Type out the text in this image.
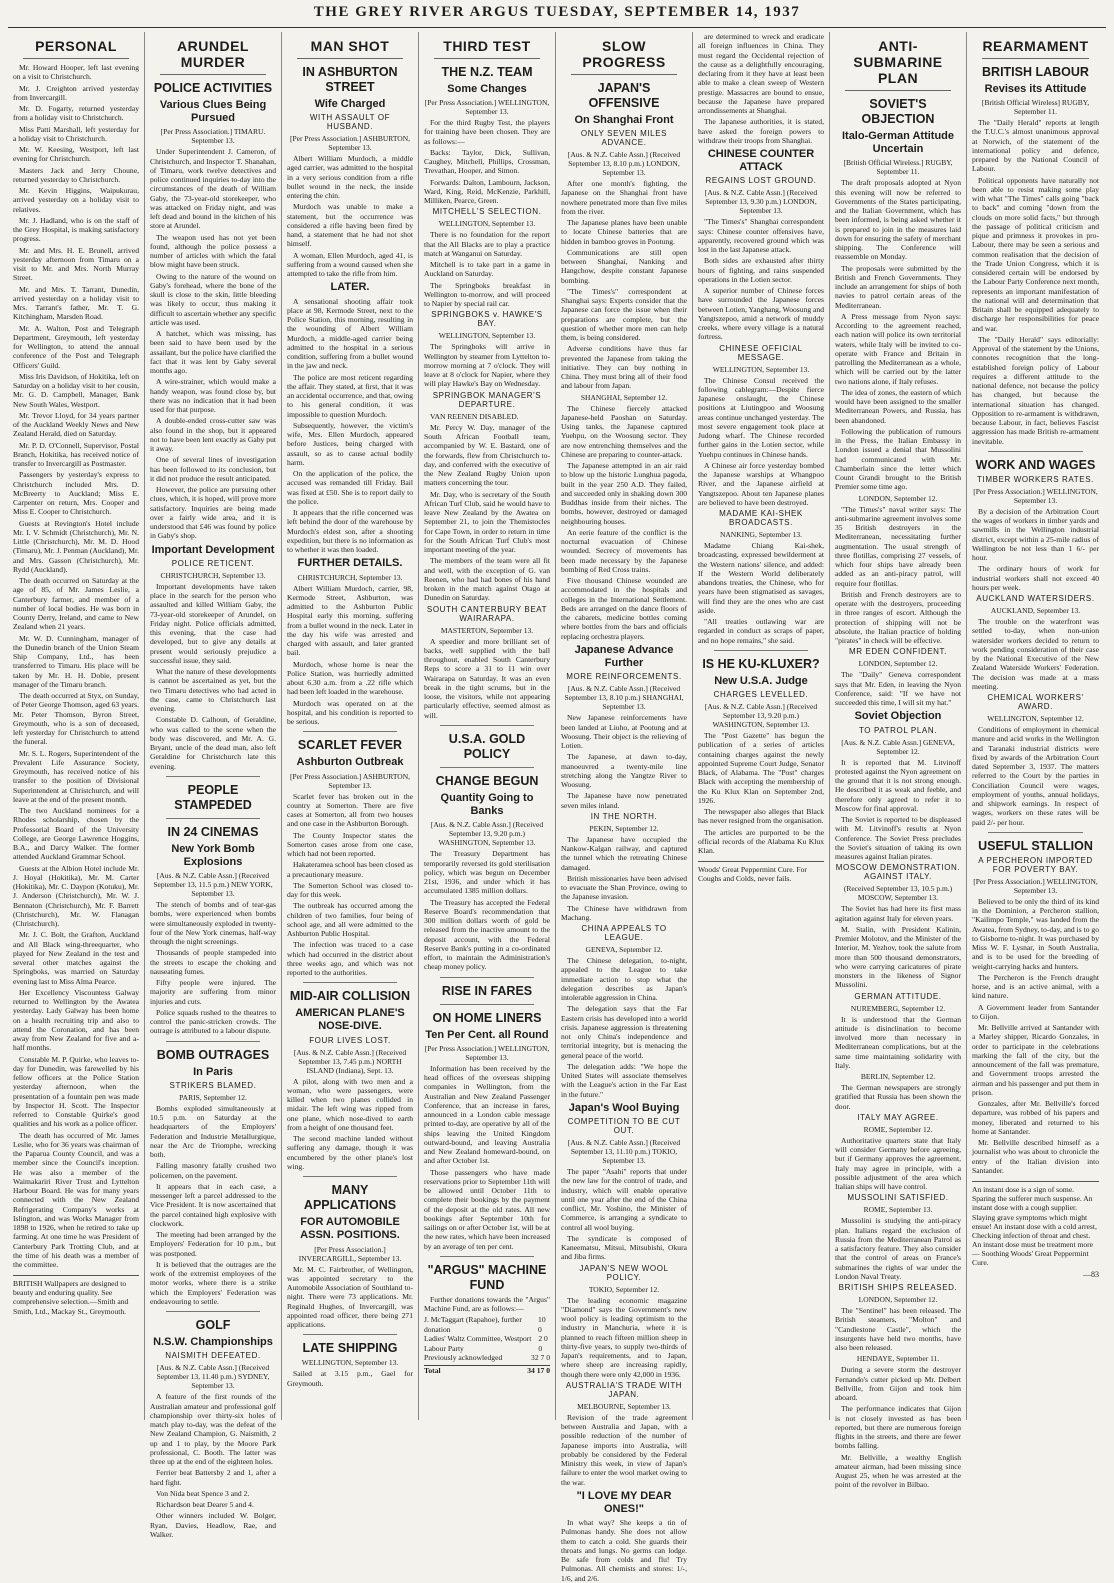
THE GREY RIVER ARGUS TUESDAY, SEPTEMBER 14, 1937
PERSONAL

Mr. Howard Hooper, left last evening on a visit to Christchurch.

Mr. J. Creighton arrived yesterday from Invercargill.

Mr. D. Fogarty, returned yesterday from a holiday visit to Christchurch.

Miss Patti Marshall, left yesterday for a holiday visit to Christchurch.

Mr. W. Keesing, Westport, left last evening for Christchurch.

Masters Jack and Jerry Choune, returned yesterday to Christchurch.

Mr. Kevin Higgins, Waipukurau, arrived yesterday on a holiday visit to relatives.

Mr. J. Hadland, who is on the staff of the Grey Hospital, is making satisfactory progress.

Mr. and Mrs. H. E. Brunell, arrived yesterday afternoon from Timaru on a visit to Mr. and Mrs. North Murray Street.

Mr. and Mrs. T. Tarrant, Dunedin, arrived yesterday on a holiday visit to Mrs. Tarrant's father, Mr. T. G. Kitchingham, Marsden Road.

Mr. A. Walton, Post and Telegraph Department, Greymouth, left yesterday for Wellington, to attend the annual conference of the Post and Telegraph Officers' Guild.

Miss Iris Davidson, of Hokitika, left on Saturday on a holiday visit to her cousin, Mr. G. D. Campbell, Manager, Bank New South Wales, Westport.

Mr. Trevor Lloyd, for 34 years partner of the Auckland Weekly News and New Zealand Herald, died on Saturday.

Mr. P. D. O'Connell, Supervisor, Postal Branch, Hokitika, has received notice of transfer to Invercargill as Postmaster.

Passengers by yesterday's express to Christchurch included Mrs. D. McBreerty to Auckland; Miss E. Carpenter on return, Mrs. Cooper and Miss E. Cooper to Christchurch.

Guests at Revington's Hotel include Mr. I. V. Schmidt (Christchurch), Mr. N. Little (Christchurch), Mr. M. D. Hood (Timaru), Mr. J. Penman (Auckland), Mr. and Mrs. Gasson (Christchurch), Mr. Rydd (Auckland).

The death occurred on Saturday at the age of 85, of Mr. James Leslie, a Canterbury farmer, and member of a number of local bodies. He was born in County Derry, Ireland, and came to New Zealand when 21 years.

Mr. W. D. Cunningham, manager of the Dunedin branch of the Union Steam Ship Company, Ltd., has been transferred to Timaru. His place will be taken by Mr. H. H. Dobie, present manager of the Timaru branch.

The death occurred at Styx, on Sunday, of Peter George Thomson, aged 63 years. Mr. Peter Thomson, Byron Street, Greymouth, who is a son of deceased, left yesterday for Christchurch to attend the funeral.

Mr. S. L. Rogers, Superintendent of the Prevalent Life Assurance Society, Greymouth, has received notice of his transfer to the position of Divisional Superintendent at Christchurch, and will leave at the end of the present month.

The two Auckland nominees for a Rhodes scholarship, chosen by the Professorial Board of the University College, are George Lawrence Hoggins, B.A., and Darcy Walker. The former attended Auckland Grammar School.

Guests at the Albion Hotel include Mr. J. Hoyal (Hokitika), Mr. M. Carter (Hokitika), Mr. C. Daypon (Kotuku), Mr. J. Anderson (Christchurch), Mr. W. J. Bennaton (Christchurch), Mr. F. Barrett (Christchurch), Mr. W. Flanagan (Christchurch).

Mr. J. C. Bolt, the Grafton, Auckland and All Black wing-threequarter, who played for New Zealand in the test and several other matches against the Springboks, was married on Saturday evening last to Miss Alma Pearce.

Her Excellency Viscountess Galway returned to Wellington by the Awatea yesterday. Lady Galway has been home on a health recruiting trip and also to attend the Coronation, and has been away from New Zealand for five and a-half months.

Constable M. P. Quirke, who leaves to-day for Dunedin, was farewelled by his fellow officers at the Police Station yesterday afternoon, when the presentation of a fountain pen was made by Inspector H. Scott. The Inspector referred to Constable Quirke's good qualities and his work as a police officer.

The death has occurred of Mr. James Leslie, who for 36 years was chairman of the Paparua County Council, and was a member since the Council's inception. He was also a member of the Waimakariri River Trust and Lyttelton Harbour Board. He was for many years connected with the New Zealand Refrigerating Company's works at Islington, and was Works Manager from 1898 to 1926, when he retired to take up farming. At one time he was President of Canterbury Park Trotting Club, and at the time of his death was a member of the committee.

BRITISH Wallpapers are designed to beauty and enduring quality. See comprehensive selection.—Smith and Smith, Ltd., Mackay St., Greymouth.
ARUNDEL MURDER
POLICE ACTIVITIES
Various Clues Being Pursued
[Per Press Association.] TIMARU. September 13.

Under Superintendent J. Cameron, of Christchurch, and Inspector T. Shanahan, of Timaru, work twelve detectives and police continued inquiries to-day into the circumstances of the death of William Gaby, the 73-year-old storekeeper, who was attacked on Friday night, and was left dead and bound in the kitchen of his store at Arundel.

The weapon used has not yet been found, although the police possess a number of articles with which the fatal blow might have been struck.

Owing to the nature of the wound on Gaby's forehead, where the bone of the skull is close to the skin, little bleeding was likely to occur, thus making it difficult to ascertain whether any specific article was used.

A hatchet, which was missing, has been said to have been used by the assailant, but the police have clarified the fact that it was lent by Gaby several months ago.

A wire-strainer, which would make a handy weapon, was found close by, but there was no indication that it had been used for that purpose.

A double-ended cross-cutter saw was also found in the shop, but it appeared not to have been lent exactly as Gaby put it away.

One of several lines of investigation has been followed to its conclusion, but it did not produce the result anticipated.

However, the police are pursuing other clues, which, it is hoped, will prove more satisfactory. Inquiries are being made over a fairly wide area, and it is understood that £46 was found by police in Gaby's shop.

Important Development
POLICE RETICENT.
CHRISTCHURCH, September 13.

Important developments have taken place in the search for the person who assaulted and killed William Gaby, the 73-year-old storekeeper of Arundel, on Friday night. Police officials admitted, this evening, that the case had developed, but to give any details at present would seriously prejudice a successful issue, they said.

What the nature of these developments is cannot be ascertained as yet, but the two Timaru detectives who had acted in the case, came to Christchurch last evening.

Constable D. Calhoun, of Geraldine, who was called to the scene when the body was discovered, and Mr. A. G. Bryant, uncle of the dead man, also left Geraldine for Christchurch late this evening.

PEOPLE STAMPEDED
IN 24 CINEMAS
New York Bomb Explosions
[Aus. & N.Z. Cable Assn.] (Received September 13, 11.5 p.m.) NEW YORK, September 13.

The stench of bombs and of tear-gas bombs, were experienced when bombs were simultaneously exploded in twenty-four of the New York cinemas, half-way through the night screenings.

Thousands of people stampeded into the streets to escape the choking and nauseating fumes.

Fifty people were injured. The majority are suffering from minor injuries and cuts.

Police squads rushed to the theatres to control the panic-stricken crowds. The outrage is attributed to a labour dispute.

BOMB OUTRAGES
In Paris
STRIKERS BLAMED.
PARIS, September 12.

Bombs exploded simultaneously at 10.5 p.m. on Saturday at the headquarters of the Employers' Federation and Industrie Metallurgique, near the Arc de Triomphe, wrecking both.

Falling masonry fatally crushed two policemen, on the pavement.

It appears that in each case, a messenger left a parcel addressed to the Vice President. It is now ascertained that the parcel contained high explosive with clockwork.

The meeting had been arranged by the Employers' Federation for 10 p.m., but was postponed.

It is believed that the outrages are the work of the extremist employees of the motor works, where there is a strike which the Employers' Federation was endeavouring to settle.

GOLF
N.S.W. Championships
NAISMITH DEFEATED.
[Aus. & N.Z. Cable Assn.] (Received September 13, 11.40 p.m.) SYDNEY, September 13.

A feature of the first rounds of the Australian amateur and professional golf championship over thirty-six holes of match play to-day, was the defeat of the New Zealand Champion, G. Naismith, 2 up and 1 to play, by the Moore Park professional, C. Booth. The latter was three up at the end of the eighteen holes.

Ferrier beat Battersby 2 and 1, after a hard fight.

Von Nida beat Spence 3 and 2.

Richardson beat Dearer 5 and 4.

Other winners included W. Bolger, Ryan, Davies, Headlow, Rae, and Walker.

MAN SHOT
IN ASHBURTON STREET
Wife Charged
WITH ASSAULT OF HUSBAND.
[Per Press Association.] ASHBURTON, September 13.

Albert William Murdoch, a middle aged carrier, was admitted to the hospital in a very serious condition from a rifle bullet wound in the neck, the inside entering the chin.

Murdoch was unable to make a statement, but the occurrence was considered a rifle having been fired by hand, a statement that he had not shot himself.

A woman, Ellen Murdoch, aged 41, is suffering from a wound caused when she attempted to take the rifle from him.

LATER.

A sensational shooting affair took place at 98, Kermode Street, next to the Police Station, this morning, resulting in the wounding of Albert William Murdoch, a middle-aged carrier being admitted to the hospital in a serious condition, suffering from a bullet wound in the jaw and neck.

The police are most reticent regarding the affair. They stated, at first, that it was an accidental occurrence, and that, owing to his general condition, it was impossible to question Murdoch.

Subsequently, however, the victim's wife, Mrs. Ellen Murdoch, appeared before Justices, being charged with assault, so as to cause actual bodily harm.

On the application of the police, the accused was remanded till Friday. Bail was fixed at £50. She is to report daily to the police.

It appears that the rifle concerned was left behind the door of the warehouse by Murdoch's eldest son, after a shooting expedition, but there is no information as to whether it was then loaded.

FURTHER DETAILS.
CHRISTCHURCH, September 13.

Albert William Murdoch, carrier, 98, Kermode Street, Ashburton, was admitted to the Ashburton Public Hospital early this morning, suffering from a bullet wound in the neck. Later in the day his wife was arrested and charged with assault, and later granted bail.

Murdoch, whose home is near the Police Station, was hurriedly admitted about 6.30 a.m. from a .22 rifle which had been left loaded in the warehouse.

Murdoch was operated on at the hospital, and his condition is reported to be serious.

SCARLET FEVER
Ashburton Outbreak
[Per Press Association.] ASHBURTON, September 13.

Scarlet fever has broken out in the country at Somerton. There are five cases at Somerton, all from two houses and one case in the Ashburton Borough.

The County Inspector states the Somerton cases arose from one case, which had not been reported.

Hakateramea school has been closed as a precautionary measure.

The Somerton School was closed to-day for this week.

The outbreak has occurred among the children of two families, four being of school age, and all were admitted to the Ashburton Public Hospital.

The infection was traced to a case which had occurred in the district about three weeks ago, and which was not reported to the authorities.

MID-AIR COLLISION
AMERICAN PLANE'S NOSE-DIVE.
FOUR LIVES LOST.
[Aus. & N.Z. Cable Assn.] (Received September 13, 7.45 p.m.) NORTH ISLAND (Indiana), Sept. 13.

A pilot, along with two men and a woman, who were passengers, were killed when two planes collided in midair. The left wing was ripped from one plane, which nose-dived to earth from a height of one thousand feet.

The second machine landed without suffering any damage, though it was encumbered by the other plane's lost wing.

MANY APPLICATIONS
FOR AUTOMOBILE ASSN. POSITIONS.
[Per Press Association.] INVERCARGILL, September 13.

Mr. M. C. Fairbrother, of Wellington, was appointed secretary to the Automobile Association of Southland to-night. There were 73 applications. Mr. Reginald Hughes, of Invercargill, was appointed road officer, there being 271 applications.

LATE SHIPPING
WELLINGTON, September 13.

Sailed at 3.15 p.m., Gael for Greymouth.

THIRD TEST
THE N.Z. TEAM
Some Changes
[Per Press Association.] WELLINGTON, September 13.

For the third Rugby Test, the players for training have been chosen. They are as follows:—

Backs: Taylor, Dick, Sullivan, Caughey, Mitchell, Phillips, Crossman, Trevathan, Hooper, and Simon.

Forwards: Dalton, Lambourn, Jackson, Ward, King, Reid, McKenzie, Parkhill, Milliken, Pearce, Green.

MITCHELL'S SELECTION.
WELLINGTON, September 13.

There is no foundation for the report that the All Blacks are to play a practice match at Wanganui on Saturday.

Mitchell is to take part in a game in Auckland on Saturday.

The Springboks breakfast in Wellington to-morrow, and will proceed to Napier by special rail car.

SPRINGBOKS v. HAWKE'S BAY.
WELLINGTON, September 13.

The Springboks will arrive in Wellington by steamer from Lyttelton to-morrow morning at 7 o'clock. They will leave at 8 o'clock for Napier, where they will play Hawke's Bay on Wednesday.

SPRINGBOK MANAGER'S DEPARTURE.

VAN REENEN DISABLED.

Mr. Percy W. Day, manager of the South African Football team, accompanied by W. E. Bastard, one of the forwards, flew from Christchurch to-day, and conferred with the executive of the New Zealand Rugby Union upon matters concerning the tour.

Mr. Day, who is secretary of the South African Turf Club, said he would have to leave New Zealand by the Awatea on September 21, to join the Themistocles for Cape Town, in order to return in time for the South African Turf Club's most important meeting of the year.

The members of the team were all fit and well, with the exception of G. van Reenen, who had had bones of his hand broken in the match against Otago at Dunedin on Saturday.

SOUTH CANTERBURY BEAT WAIRARAPA.
MASTERTON, September 13.

A speedier and more brilliant set of backs, well supplied with the ball throughout, enabled South Canterbury Reps to score a 31 to 11 win over Wairarapa on Saturday. It was an even break in the tight scrums, but in the loose, the visitors, while not appearing particularly effective, seemed almost as will.

U.S.A. GOLD POLICY
CHANGE BEGUN
Quantity Going to Banks
[Aus. & N.Z. Cable Assn.] (Received September 13, 9.20 p.m.) WASHINGTON, September 13.

The Treasury Department has temporarily reversed its gold sterilisation policy, which was begun on December 21st, 1936, and under which it has accumulated 1385 million dollars.

The Treasury has accepted the Federal Reserve Board's recommendation that 300 million dollars worth of gold be released from the inactive amount to the deposit account, with the Federal Reserve Bank's putting in a co-ordinated effort, to maintain the Administration's cheap money policy.

RISE IN FARES
ON HOME LINERS
Ten Per Cent. all Round
[Per Press Association.] WELLINGTON, September 13.

Information has been received by the head offices of the overseas shipping companies in Wellington, from the Australian and New Zealand Passenger Conference, that an increase in fares, announced in a London cable message printed to-day, are operative by all of the ships leaving the United Kingdom outward-bound, and leaving Australia and New Zealand homeward-bound, on and after October 1st.

Those passengers who have made reservations prior to September 11th will be allowed until October 11th to complete their bookings by the payment of the deposit at the old rates. All new bookings after September 10th for sailings on or after October 1st, will be at the new rates, which have been increased by an average of ten per cent.

"ARGUS" MACHINE FUND

Further donations towards the "Argus" Machine Fund, are as follows:—

J. McTaggart (Rapahoe), further donation
10 0
Ladies' Waltz Committee, Westport Labour Party
2 0 0
Previously acknowledged	32 7 0
Total	34 17 0
SLOW PROGRESS
JAPAN'S OFFENSIVE
On Shanghai Front
ONLY SEVEN MILES ADVANCE.
[Aus. & N.Z. Cable Assn.] (Received September 13, 8.10 p.m.) LONDON, September 13.

After one month's fighting, the Japanese on the Shanghai front have nowhere penetrated more than five miles from the river.

The Japanese planes have been unable to locate Chinese batteries that are hidden in bamboo groves in Pootung.

Communications are still open between Shanghai, Nanking and Hangchow, despite constant Japanese bombing.

"The Times's" correspondent at Shanghai says: Experts consider that the Japanese can force the issue when their preparations are complete, but the question of whether more men can help them, is being considered.

Adverse conditions have thus far prevented the Japanese from taking the initiative. They can buy nothing in China. They must bring all of their food and labour from Japan.

SHANGHAI, September 12.

The Chinese fiercely attacked Japanese-held Paoshan on Saturday. Using tanks, the Japanese captured Yuehpu, on the Woosung sector. They are now entrenching themselves and the Chinese are preparing to counter-attack.

The Japanese attempted in an air raid to blow up the historic Lunghua pagoda, built in the year 250 A.D. They failed, and succeeded only in shaking down 300 Buddhas inside from their niches. The bombs, however, destroyed or damaged neighbouring houses.

An eerie feature of the conflict is the nocturnal evacuation of Chinese wounded. Secrecy of movements has been made necessary by the Japanese bombing of Red Cross trains.

Five thousand Chinese wounded are accommodated in the hospitals and colleges in the International Settlement. Beds are arranged on the dance floors of the cabarets, medicine bottles coming where bottles from the bars and officials replacing orchestra players.

Japanese Advance Further
MORE REINFORCEMENTS.
[Aus. & N.Z. Cable Assn.] (Received September 13, 8.10 p.m.) SHANGHAI, September 13.

New Japanese reinforcements have been landed at Liuho, at Pootung and at Woosung. Their object is the relieving of Lotien.

The Japanese, at dawn to-day, manoeuvred a twenty-mile line stretching along the Yangtze River to Woosung.

The Japanese have now penetrated seven miles inland.

IN THE NORTH.
PEKIN, September 12.

The Japanese have occupied the Nankow-Kalgan railway, and captured the tunnel which the retreating Chinese damaged.

British missionaries have been advised to evacuate the Shan Province, owing to the Japanese invasion.

The Chinese have withdrawn from Machang.

CHINA APPEALS TO LEAGUE.
GENEVA, September 12.

The Chinese delegation, to-night, appealed to the League to take immediate action to stop what the delegation describes as Japan's intolerable aggression in China.

The delegation says that the Far Eastern crisis has developed into a world crisis. Japanese aggression is threatening not only China's independence and territorial integrity, but is menacing the general peace of the world.

The delegation adds: "We hope the United States will associate themselves with the League's action in the Far East in the future."

Japan's Wool Buying
COMPETITION TO BE CUT OUT.
[Aus. & N.Z. Cable Assn.] (Received September 13, 11.10 p.m.) TOKIO, September 13.

The paper "Asahi" reports that under the new law for the control of trade, and industry, which will enable operative until one year after the end of the China conflict, Mr. Yoshino, the Minister of Commerce, is arranging a syndicate to control all wool buying.

The syndicate is composed of Kaneematsu, Mitsui, Mitsubishi, Okura and Jiba firms.

JAPAN'S NEW WOOL POLICY.
TOKIO, September 12.

The leading economic magazine "Diamond" says the Government's new wool policy is leading optimism to the industry in Manchuria, where it is planned to reach fifteen million sheep in thirty-five years, to supply two-thirds of Japan's requirements, and to Japan, where sheep are increasing rapidly, though there were only 42,000 in 1936.

AUSTRALIA'S TRADE WITH JAPAN.
MELBOURNE, September 13.

Revision of the trade agreement between Australia and Japan, with a possible reduction of the number of Japanese imports into Australia, will probably be considered by the Federal Ministry this week, in view of Japan's failure to enter the wool market owing to the war.

"I LOVE MY DEAR ONES!"

In what way? She keeps a tin of Pulmonas handy. She does not allow them to catch a cold. She guards their throats and lungs. No germs can lodge. Be safe from colds and flu! Try Pulmonas. All chemists and stores: 1/-, 1/6, and 2/6.

are determined to wreck and eradicate all foreign influences in China. They must regard the Occidental rejection of the cause as a delightfully encouraging, declaring from it they have at least been able to make a clean sweep of Western prestige. Massacres are bound to ensue, because the Japanese have prepared arrondissements at Shanghai.

The Japanese authorities, it is stated, have asked the foreign powers to withdraw their troops from Shanghai.

CHINESE COUNTER ATTACK
REGAINS LOST GROUND.
[Aus. & N.Z. Cable Assn.] (Received September 13, 9.30 p.m.) LONDON, September 13.

"The Times's" Shanghai correspondent says: Chinese counter offensives have, apparently, recovered ground which was lost in the last Japanese attack.

Both sides are exhausted after thirty hours of fighting, and rains suspended operations in the Lotien sector.

A superior number of Chinese forces have surrounded the Japanese forces between Lotien, Yanghang, Woosung and Yangtszepoo, amid a network of muddy creeks, where every village is a natural fortress.

CHINESE OFFICIAL MESSAGE.
WELLINGTON, September 13.

The Chinese Consul received the following cablegram:—Despite fierce Japanese onslaught, the Chinese positions at Liutingpoo and Woosung areas continue unchanged yesterday. The most severe engagement took place at Judong wharf. The Chinese recorded further gains in the Lotien sector, while Yuehpu continues in Chinese hands.

A Chinese air force yesterday bombed the Japanese warships at Whangpoo River, and the Japanese airfield at Yangtszepoo. About ten Japanese planes are believed to have been destroyed.

MADAME KAI-SHEK BROADCASTS.
NANKING, September 13.

Madame Chiang Kai-shek, broadcasting, expressed bewilderment at the Western nations' silence, and added: If the Western World deliberately abandons treaties, the Chinese, who for years have been stigmatised as savages, will find they are the ones who are cast aside.

"All treaties outlawing war are regarded in conduct as scraps of paper, and no hope remains," she said.

IS HE KU-KLUXER?
New U.S.A. Judge
CHARGES LEVELLED.
[Aus. & N.Z. Cable Assn.] (Received September 13, 9.20 p.m.) WASHINGTON, September 13.

The "Post Gazette" has begun the publication of a series of articles containing charges against the newly appointed Supreme Court Judge, Senator Black, of Alabama. The "Post" charges Black with accepting the membership of the Ku Klux Klan on September 2nd, 1926.

The newspaper also alleges that Black has never resigned from the organisation.

The articles are purported to be the official records of the Alabama Ku Klux Klan.

Woods' Great Peppermint Cure. For Coughs and Colds, never fails.
ANTI-SUBMARINE PLAN
SOVIET'S OBJECTION
Italo-German Attitude Uncertain
[British Official Wireless.] RUGBY, September 11.

The draft proposals adopted at Nyon this evening will now be referred to Governments of the States participating, and the Italian Government, which has been informed, is being asked whether it is prepared to join in the measures laid down for ensuring the safety of merchant shipping. The Conference will reassemble on Monday.

The proposals were submitted by the British and French Governments. They include an arrangement for ships of both navies to patrol certain areas of the Mediterranean.

A Press message from Nyon says: According to the agreement reached, each nation will police its own territorial waters, while Italy will be invited to co-operate with France and Britain in patrolling the Mediterranean as a whole, which will be carried out by the latter two nations alone, if Italy refuses.

The idea of zones, the eastern of which would have been assigned to the smaller Mediterranean Powers, and Russia, has been abandoned.

Following the publication of rumours in the Press, the Italian Embassy in London issued a denial that Mussolini had communicated with Mr. Chamberlain since the letter which Count Grandi brought to the British Premier some time ago.

LONDON, September 12.

"The Times's" naval writer says: The anti-submarine agreement involves some 35 British destroyers in the Mediterranean, necessitating further augmentation. The usual strength of three flotillas, comprising 27 vessels, of which four ships have already been added as an anti-piracy patrol, will require four flotillas.

British and French destroyers are to operate with the destroyers, proceeding in three ranges of escort. Although the protection of shipping will not be absolute, the Italian practice of holding "pirates" in check will be effective.

MR EDEN CONFIDENT.
LONDON, September 12.

The "Daily" Geneva correspondent says that Mr. Eden, in leaving the Nyon Conference, said: "If we have not succeeded this time, I will sit my hat."

Soviet Objection
TO PATROL PLAN.
[Aus. & N.Z. Cable Assn.] GENEVA, September 12.

It is reported that M. Litvinoff protested against the Nyon agreement on the ground that it is not strong enough. He described it as weak and feeble, and therefore only agreed to refer it to Moscow for final approval.

The Soviet is reported to be displeased with M. Litvinoff's results at Nyon Conference. The Soviet Press precludes the Soviet's situation of taking its own measures against Italian pirates.

MOSCOW DEMONSTRATION. AGAINST ITALY.
(Received September 13, 10.5 p.m.) MOSCOW, September 13.

The Soviet has had here its first mass agitation against Italy for eleven years.

M. Stalin, with President Kalinin, Premier Molotov, and the Minister of the Interior, M. Yezhov, took the salute from more than 500 thousand demonstrators, who were carrying caricatures of pirate monsters in the likeness of Signor Mussolini.

GERMAN ATTITUDE.
NUREMBERG, September 12.

It is understood that the German attitude is disinclination to become involved more than necessary in Mediterranean complications, but at the same time maintaining solidarity with Italy.

BERLIN, September 12.

The German newspapers are strongly gratified that Russia has been shown the door.

ITALY MAY AGREE.
ROME, September 12.

Authoritative quarters state that Italy will consider Germany before agreeing, but if Germany approves the agreement, Italy may agree in principle, with a possible adjustment of the area which Italian ships will have control.

MUSSOLINI SATISFIED.
ROME, September 13.

Mussolini is studying the anti-piracy plan. Italians regard the exclusion of Russia from the Mediterranean Patrol as a satisfactory feature. They also consider that the control of areas on France's submarines the rights of war under the London Naval Treaty.

BRITISH SHIPS RELEASED.
LONDON, September 12.

The "Sentinel" has been released. The British steamers, "Molton" and "Candlestone Castle", which the insurgents have held two months, have also been released.

HENDAYE, September 11.

During a severe storm the destroyer Fernando's cutter picked up Mr. Delbert Bellville, from Gijon and took him aboard.

The performance indicates that Gijon is not closely invested as has been reported, but there are numerous foreign flights in the streets, and there are fewer bombs falling.

Mr. Bellville, a wealthy English amateur airman, had been missing since August 25, when he was arrested at the point of the revolver in Bilbao.

REARMAMENT
BRITISH LABOUR
Revises its Attitude
[British Official Wireless] RUGBY, September 11.

The "Daily Herald" reports at length the T.U.C.'s almost unanimous approval at Norwich, of the statement of the international policy and defence, prepared by the National Council of Labour.

Political opponents have naturally not been able to resist making some play with what "The Times" calls going "back to back" and coming "down from the clouds on more solid facts," but through the passage of political criticism and pique and primness it provokes in pro-Labour, there may be seen a serious and common realisation that the decision of the Trade Union Congress, which it is considered certain will be endorsed by the Labour Party Conference next month, represents an important manifestation of the national will and determination that Britain shall be equipped adequately to discharge her responsibilities for peace and war.

The "Daily Herald" says editorially: Approval of the statement by the Unions, connotes recognition that the long-established foreign policy of Labour requires a different attitude to the national defence, not because the policy has changed, but because the international situation has changed. Opposition to re-armament is withdrawn, because Labour, in fact, believes Fascist aggression has made British re-armament inevitable.

WORK AND WAGES
TIMBER WORKERS RATES.
[Per Press Association.] WELLINGTON, September 13.

By a decision of the Arbitration Court the wages of workers in timber yards and sawmills in the Wellington industrial district, except within a 25-mile radius of Wellington be not less than 1 6/- per hour.

The ordinary hours of work for industrial workers shall not exceed 40 hours per week.

AUCKLAND WATERSIDERS.
AUCKLAND, September 13.

The trouble on the waterfront was settled to-day, when non-union watersider workers decided to return to work pending consideration of their case by the National Executive of the New Zealand Waterside Workers' Federation. The decision was made at a mass meeting.

CHEMICAL WORKERS' AWARD.
WELLINGTON, September 12.

Conditions of employment in chemical manure and acid works in the Wellington and Taranaki industrial districts were fixed by awards of the Arbitration Court dated September 3, 1937. The matters referred to the Court by the parties in Conciliation Council were wages, employment of youths, annual holidays, and shipwork earnings. In respect of wages, workers on these rates will be paid 2/- per hour.

USEFUL STALLION
A PERCHERON IMPORTED FOR POVERTY BAY.
[Per Press Association.] WELLINGTON, September 13.

Believed to be only the third of its kind in the Dominion, a Percheron stallion, "Kailimpo Temple," was landed from the Awatea, from Sydney, to-day, and is to go to Gisborne to-night. It was purchased by Miss W. F. Lysnar, in South Australia, and is to be used for the breeding of weight-carrying hacks and hunters.

The Percheron is the French draught horse, and is an active animal, with a kind nature.

A Government leader from Santander to Gijon.

Mr. Bellville arrived at Santander with a Marley shipper, Ricardo Gonzales, in order to participate in the celebrations marking the fall of the city, but the announcement of the fall was premature, and Government troops arrested the airman and his passenger and put them in prison.

Gonzales, after Mr. Bellville's forced departure, was robbed of his papers and money, liberated and returned to his home at Santander.

Mr. Bellville described himself as a journalist who was about to chronicle the entry of the Italian division into Santander.

An instant dose is a sign of some. Sparing the sufferer much suspense. An instant dose with a cough supplier. Slaying grave symptoms which might ensue! An instant dose with a cold arrest, Checking infection of throat and chest. An instant dose must be treatment more— Soothing Woods' Great Peppermint Cure.
—83
